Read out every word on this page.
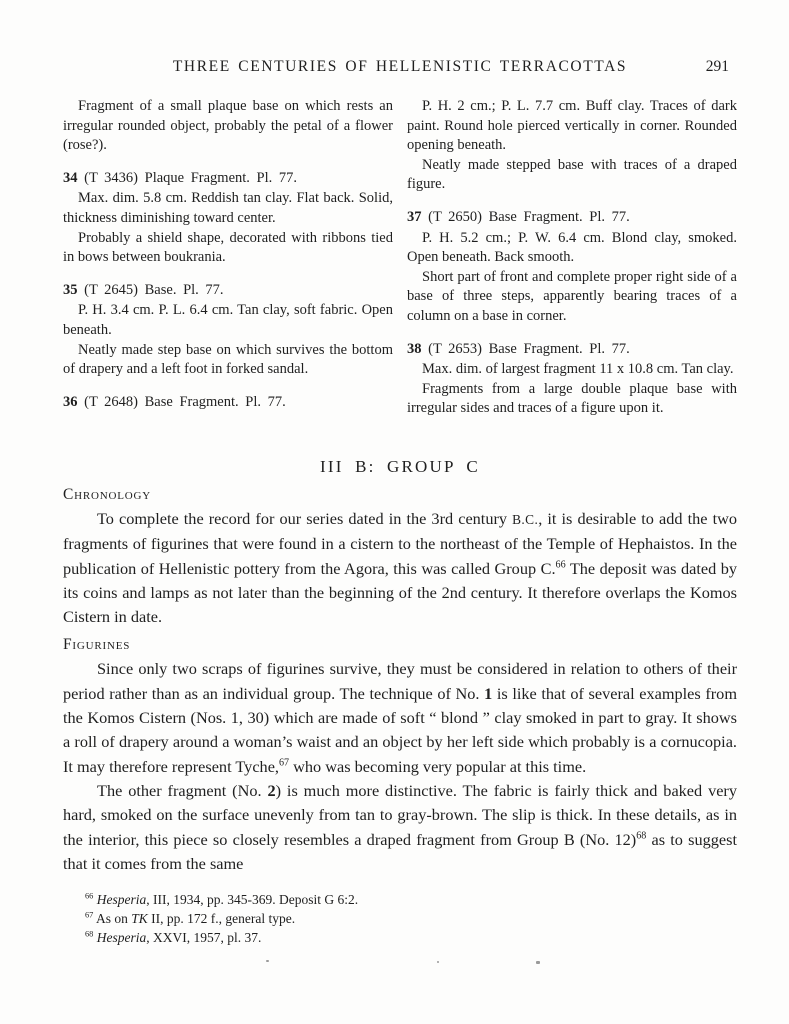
THREE CENTURIES OF HELLENISTIC TERRACOTTAS	291

Fragment of a small plaque base on which rests an irregular rounded object, probably the petal of a flower (rose?).

34 (T 3436) Plaque Fragment. Pl. 77.

Max. dim. 5.8 cm. Reddish tan clay. Flat back. Solid, thickness diminishing toward center.

Probably a shield shape, decorated with ribbons tied in bows between boukrania.

35 (T 2645) Base. Pl. 77.

P. H. 3.4 cm. P. L. 6.4 cm. Tan clay, soft fabric. Open beneath.

Neatly made step base on which survives the bottom of drapery and a left foot in forked sandal.

36 (T 2648) Base Fragment. Pl. 77.

P. H. 2 cm.; P. L. 7.7 cm. Buff clay. Traces of dark paint. Round hole pierced vertically in corner. Rounded opening beneath.

Neatly made stepped base with traces of a draped figure.

37 (T 2650) Base Fragment. Pl. 77.

P. H. 5.2 cm.; P. W. 6.4 cm. Blond clay, smoked. Open beneath. Back smooth.

Short part of front and complete proper right side of a base of three steps, apparently bearing traces of a column on a base in corner.

38 (T 2653) Base Fragment. Pl. 77.

Max. dim. of largest fragment 11 x 10.8 cm. Tan clay.

Fragments from a large double plaque base with irregular sides and traces of a figure upon it.

III B: GROUP C
Chronology

To complete the record for our series dated in the 3rd century B.C., it is desirable to add the two fragments of figurines that were found in a cistern to the northeast of the Temple of Hephaistos. In the publication of Hellenistic pottery from the Agora, this was called Group C.$^{66}$ The deposit was dated by its coins and lamps as not later than the beginning of the 2nd century. It therefore overlaps the Komos Cistern in date.

Figurines

Since only two scraps of figurines survive, they must be considered in relation to others of their period rather than as an individual group. The technique of No. 1 is like that of several examples from the Komos Cistern (Nos. 1, 30) which are made of soft “ blond ” clay smoked in part to gray. It shows a roll of drapery around a woman’s waist and an object by her left side which probably is a cornucopia. It may therefore represent Tyche,$^{67}$ who was becoming very popular at this time.

The other fragment (No. 2) is much more distinctive. The fabric is fairly thick and baked very hard, smoked on the surface unevenly from tan to gray-brown. The slip is thick. In these details, as in the interior, this piece so closely resembles a draped fragment from Group B (No. 12)$^{68}$ as to suggest that it comes from the same

$^{66}$ Hesperia, III, 1934, pp. 345-369. Deposit G 6:2.

$^{67}$ As on TK II, pp. 172 f., general type.

$^{68}$ Hesperia, XXVI, 1957, pl. 37.
